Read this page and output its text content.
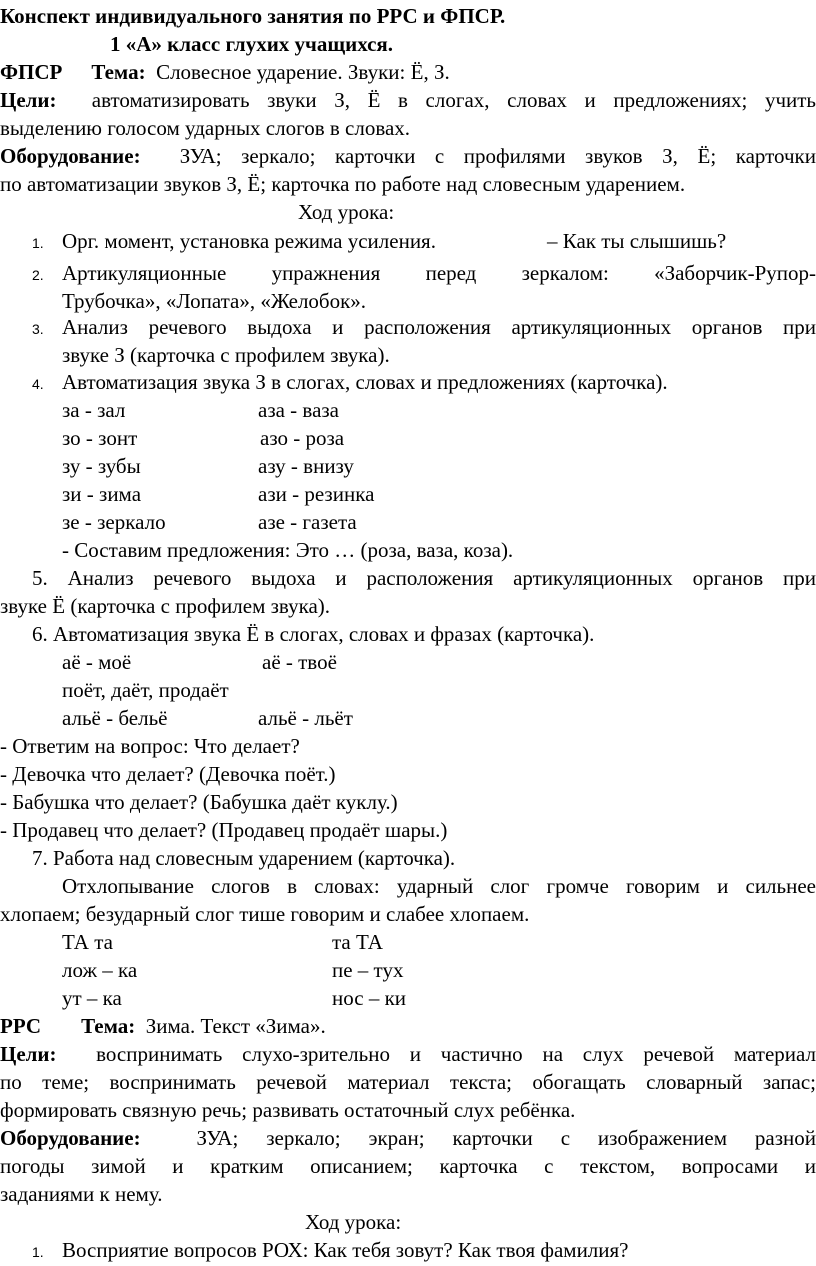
Конспект индивидуального занятия по РРС и ФПСР.
1 «А» класс глухих учащихся.
ФПСР Тема: Словесное ударение. Звуки: Ё, З.
Цели: автоматизировать звуки З, Ё в слогах, словах и предложениях; учить
выделению голосом ударных слогов в словах.
Оборудование: ЗУА; зеркало; карточки с профилями звуков З, Ё; карточки
по автоматизации звуков З, Ё; карточка по работе над словесным ударением.
Ход урока:
1. Орг. момент, установка режима усиления.	– Как ты слышишь?
2. Артикуляционные упражнения перед зеркалом: «Заборчик-Рупор-
Трубочка», «Лопата», «Желобок».
3. Анализ речевого выдоха и расположения артикуляционных органов при
звуке З (карточка с профилем звука).
4. Автоматизация звука З в слогах, словах и предложениях (карточка).
за - зал	аза - ваза
зо - зонт	азо - роза
зу - зубы	азу - внизу
зи - зима	ази - резинка
зе - зеркало	азе - газета
- Составим предложения: Это … (роза, ваза, коза).
5. Анализ речевого выдоха и расположения артикуляционных органов при
звуке Ё (карточка с профилем звука).
6. Автоматизация звука Ё в слогах, словах и фразах (карточка).
аё - моё	аё - твоё
поёт, даёт, продаёт
альё - бельё	альё - льёт
- Ответим на вопрос: Что делает?
- Девочка что делает? (Девочка поёт.)
- Бабушка что делает? (Бабушка даёт куклу.)
- Продавец что делает? (Продавец продаёт шары.)
7. Работа над словесным ударением (карточка).
Отхлопывание слогов в словах: ударный слог громче говорим и сильнее
хлопаем; безударный слог тише говорим и слабее хлопаем.
ТА та	та ТА
лож – ка	пе – тух
ут – ка	нос – ки
РРС Тема: Зима. Текст «Зима».
Цели: воспринимать слухо-зрительно и частично на слух речевой материал
по теме; воспринимать речевой материал текста; обогащать словарный запас;
формировать связную речь; развивать остаточный слух ребёнка.
Оборудование:	ЗУА; зеркало; экран; карточки с изображением разной
погоды зимой и кратким описанием; карточка с текстом, вопросами и
заданиями к нему.
Ход урока:
1. Восприятие вопросов РОХ: Как тебя зовут? Как твоя фамилия?
